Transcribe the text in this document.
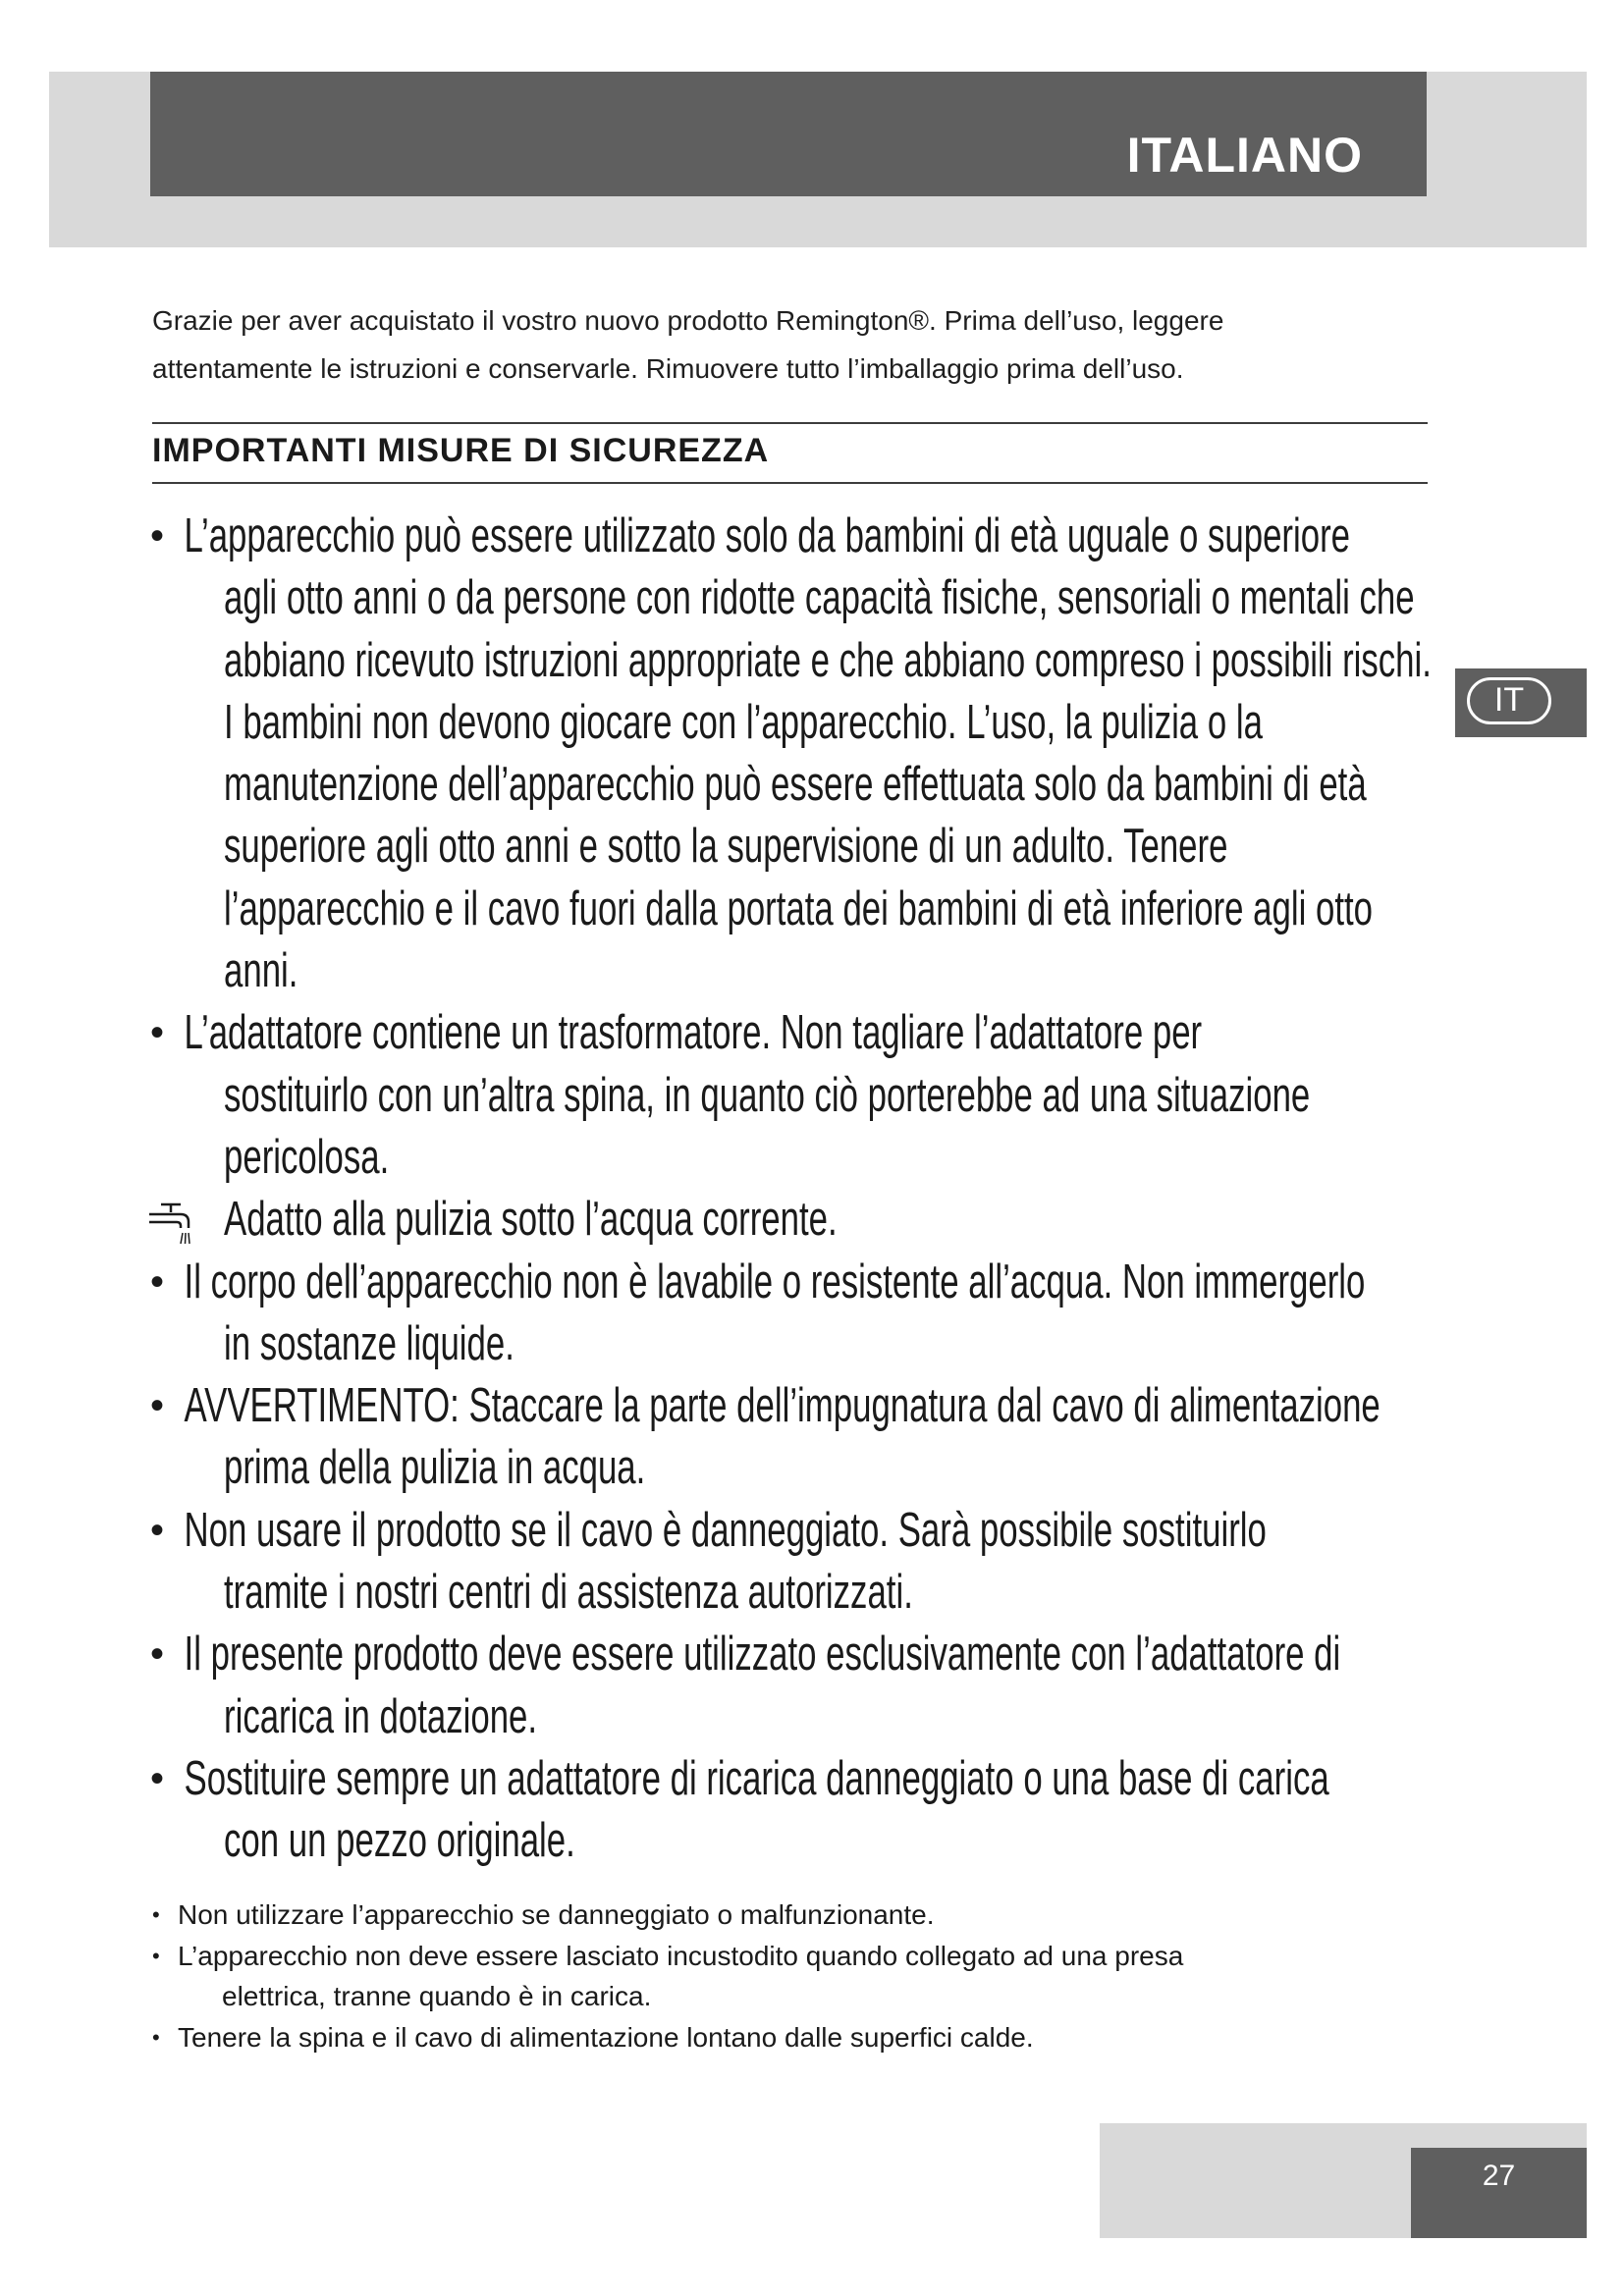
ITALIANO

Grazie per aver acquistato il vostro nuovo prodotto Remington®. Prima dell’uso, leggere

attentamente le istruzioni e conservarle. Rimuovere tutto l’imballaggio prima dell’uso.

IMPORTANTI MISURE DI SICUREZZA
• L’apparecchio può essere utilizzato solo da bambini di età uguale o superiore
agli otto anni o da persone con ridotte capacità fisiche, sensoriali o mentali che
abbiano ricevuto istruzioni appropriate e che abbiano compreso i possibili rischi.
I bambini non devono giocare con l’apparecchio. L’uso, la pulizia o la
manutenzione dell’apparecchio può essere effettuata solo da bambini di età
superiore agli otto anni e sotto la supervisione di un adulto. Tenere
l’apparecchio e il cavo fuori dalla portata dei bambini di età inferiore agli otto
anni.
• L’adattatore contiene un trasformatore. Non tagliare l’adattatore per
sostituirlo con un’altra spina, in quanto ciò porterebbe ad una situazione
pericolosa.
Adatto alla pulizia sotto l’acqua corrente.
• Il corpo dell’apparecchio non è lavabile o resistente all’acqua. Non immergerlo
in sostanze liquide.
• AVVERTIMENTO: Staccare la parte dell’impugnatura dal cavo di alimentazione
prima della pulizia in acqua.
• Non usare il prodotto se il cavo è danneggiato. Sarà possibile sostituirlo
tramite i nostri centri di assistenza autorizzati.
• Il presente prodotto deve essere utilizzato esclusivamente con l’adattatore di
ricarica in dotazione.
• Sostituire sempre un adattatore di ricarica danneggiato o una base di carica
con un pezzo originale.
IT
• Non utilizzare l’apparecchio se danneggiato o malfunzionante.
• L’apparecchio non deve essere lasciato incustodito quando collegato ad una presa
elettrica, tranne quando è in carica.
• Tenere la spina e il cavo di alimentazione lontano dalle superfici calde.
27
